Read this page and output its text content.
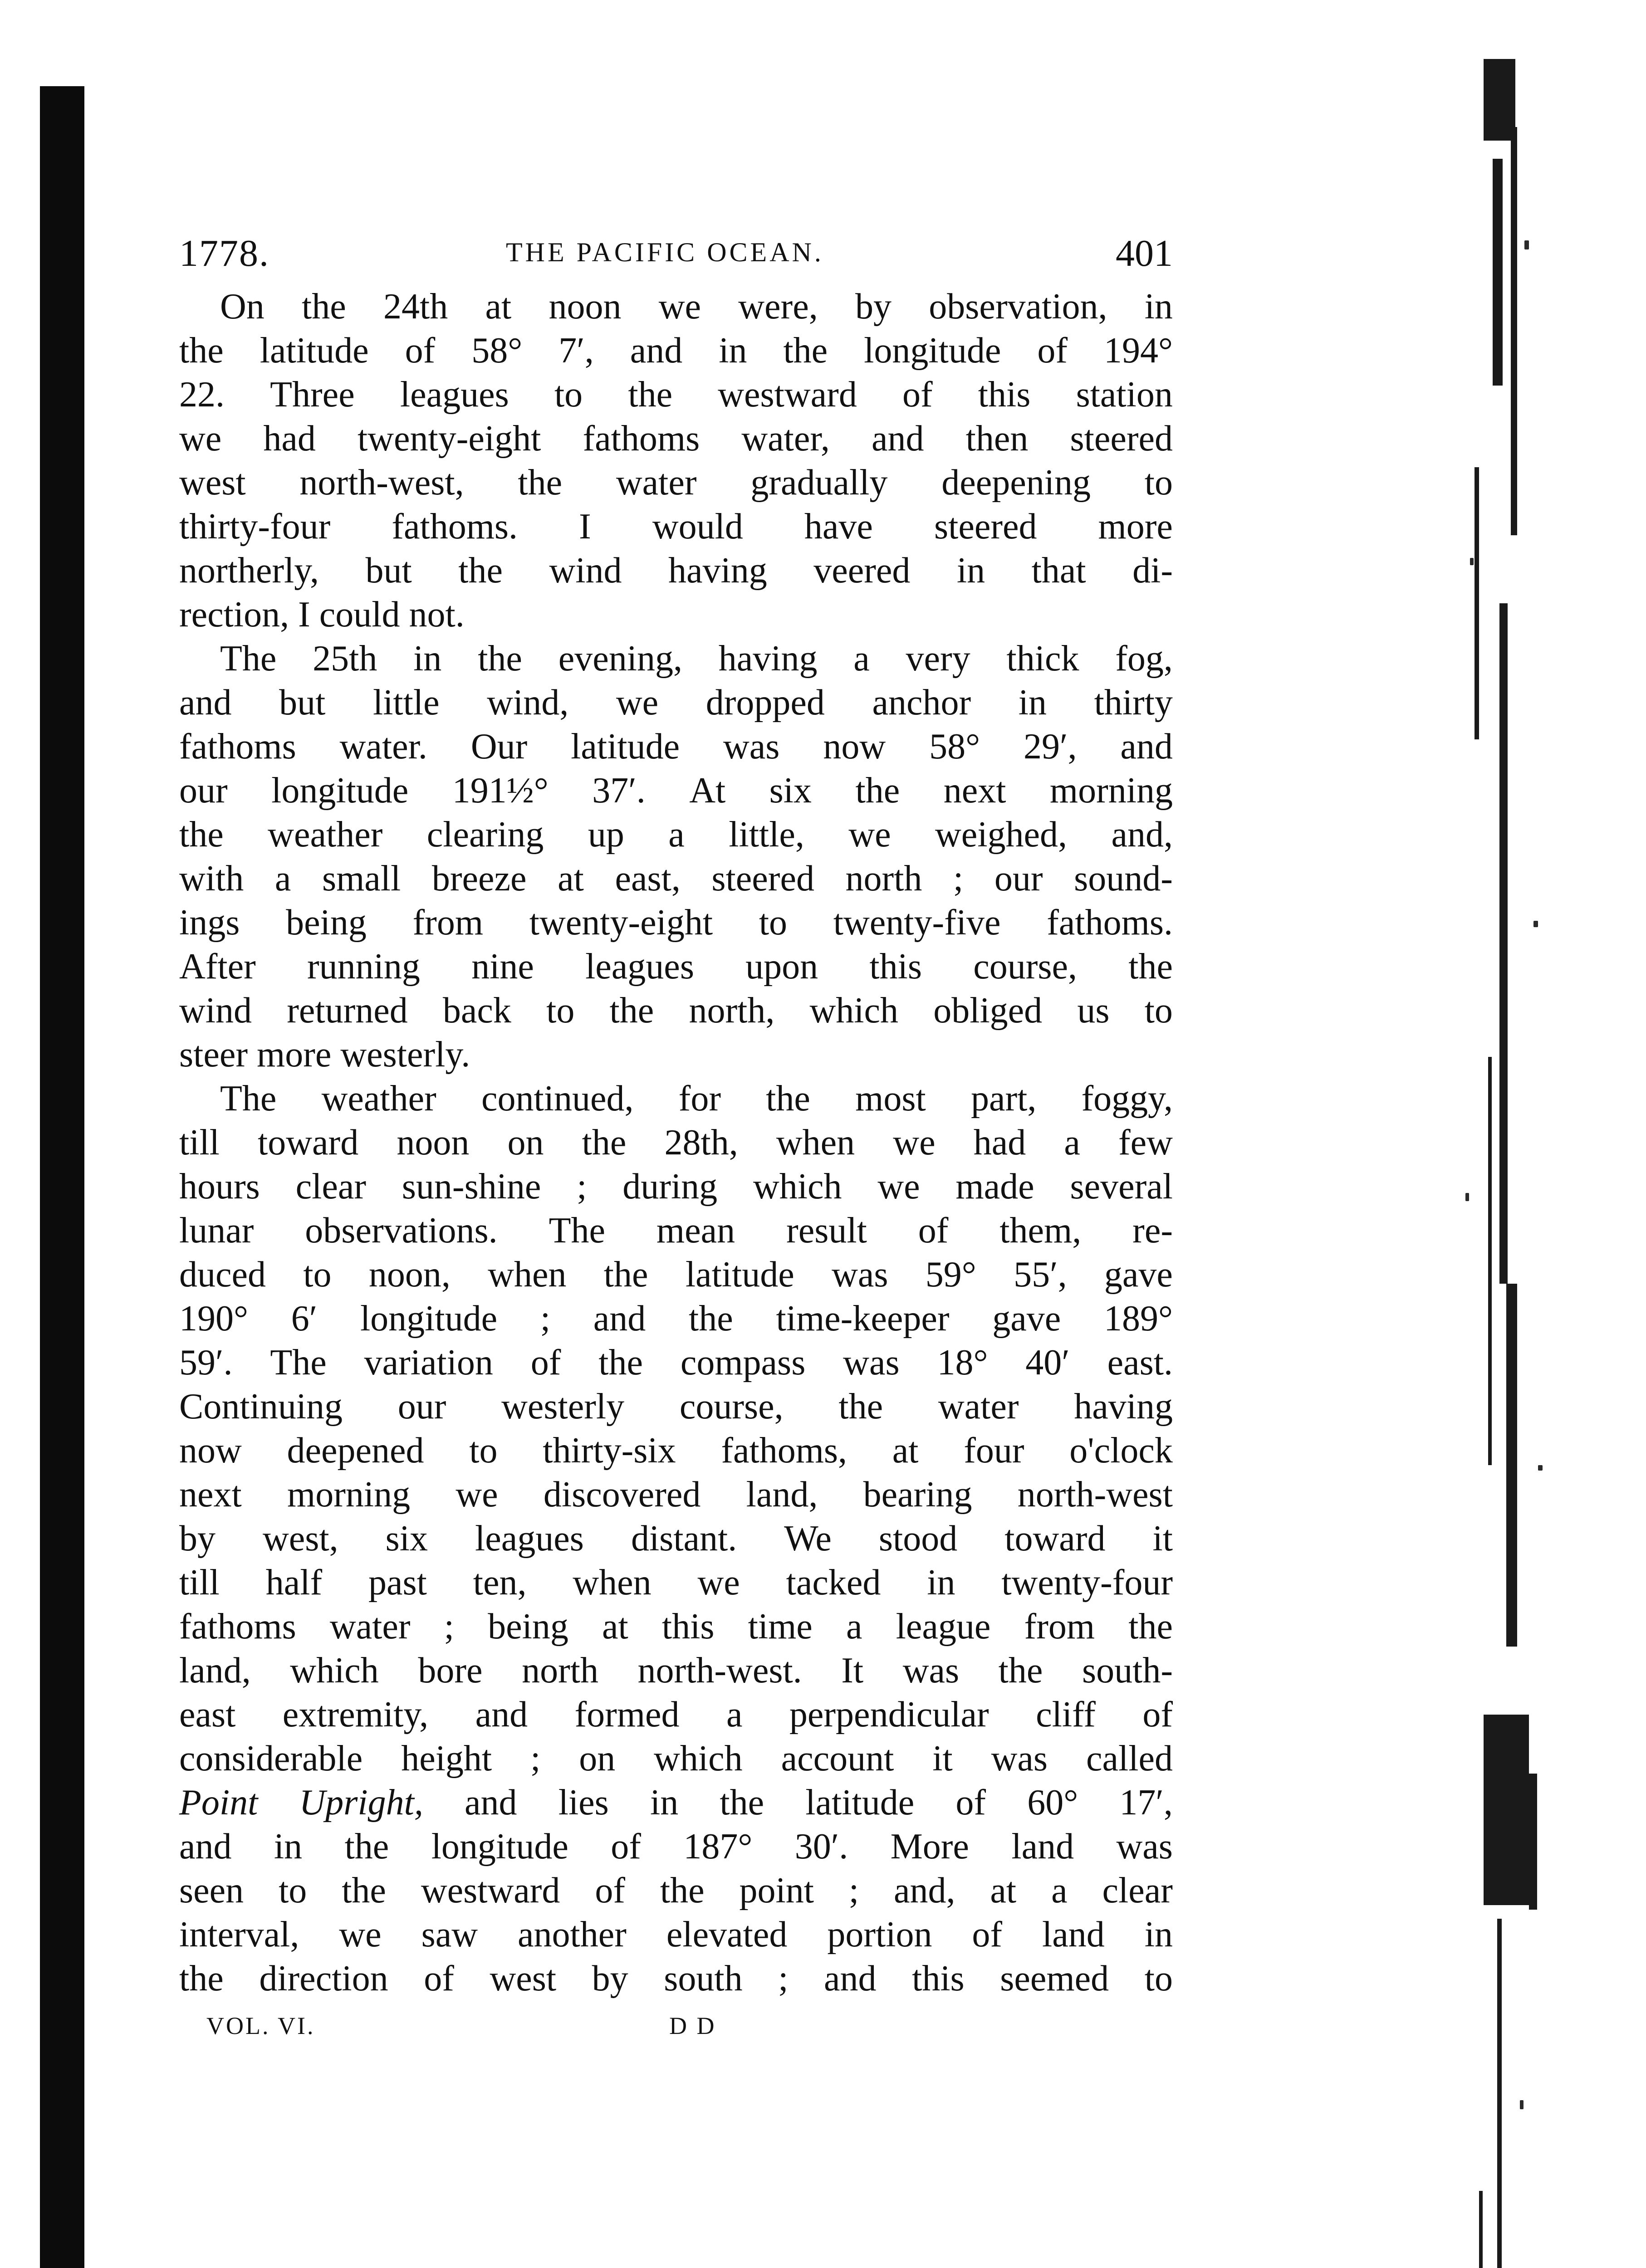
1778.	THE PACIFIC OCEAN.	401
On the 24th at noon we were, by observation, in
the latitude of 58° 7′, and in the longitude of 194°
22. Three leagues to the westward of this station
we had twenty-eight fathoms water, and then steered
west north-west, the water gradually deepening to
thirty-four fathoms. I would have steered more
northerly, but the wind having veered in that di-
rection, I could not.
The 25th in the evening, having a very thick fog,
and but little wind, we dropped anchor in thirty
fathoms water. Our latitude was now 58° 29′, and
our longitude 191½° 37′. At six the next morning
the weather clearing up a little, we weighed, and,
with a small breeze at east, steered north ; our sound-
ings being from twenty-eight to twenty-five fathoms.
After running nine leagues upon this course, the
wind returned back to the north, which obliged us to
steer more westerly.
The weather continued, for the most part, foggy,
till toward noon on the 28th, when we had a few
hours clear sun-shine ; during which we made several
lunar observations. The mean result of them, re-
duced to noon, when the latitude was 59° 55′, gave
190° 6′ longitude ; and the time-keeper gave 189°
59′. The variation of the compass was 18° 40′ east.
Continuing our westerly course, the water having
now deepened to thirty-six fathoms, at four o'clock
next morning we discovered land, bearing north-west
by west, six leagues distant. We stood toward it
till half past ten, when we tacked in twenty-four
fathoms water ; being at this time a league from the
land, which bore north north-west. It was the south-
east extremity, and formed a perpendicular cliff of
considerable height ; on which account it was called
Point Upright, and lies in the latitude of 60° 17′,
and in the longitude of 187° 30′. More land was
seen to the westward of the point ; and, at a clear
interval, we saw another elevated portion of land in
the direction of west by south ; and this seemed to
VOL. VI.	D D
